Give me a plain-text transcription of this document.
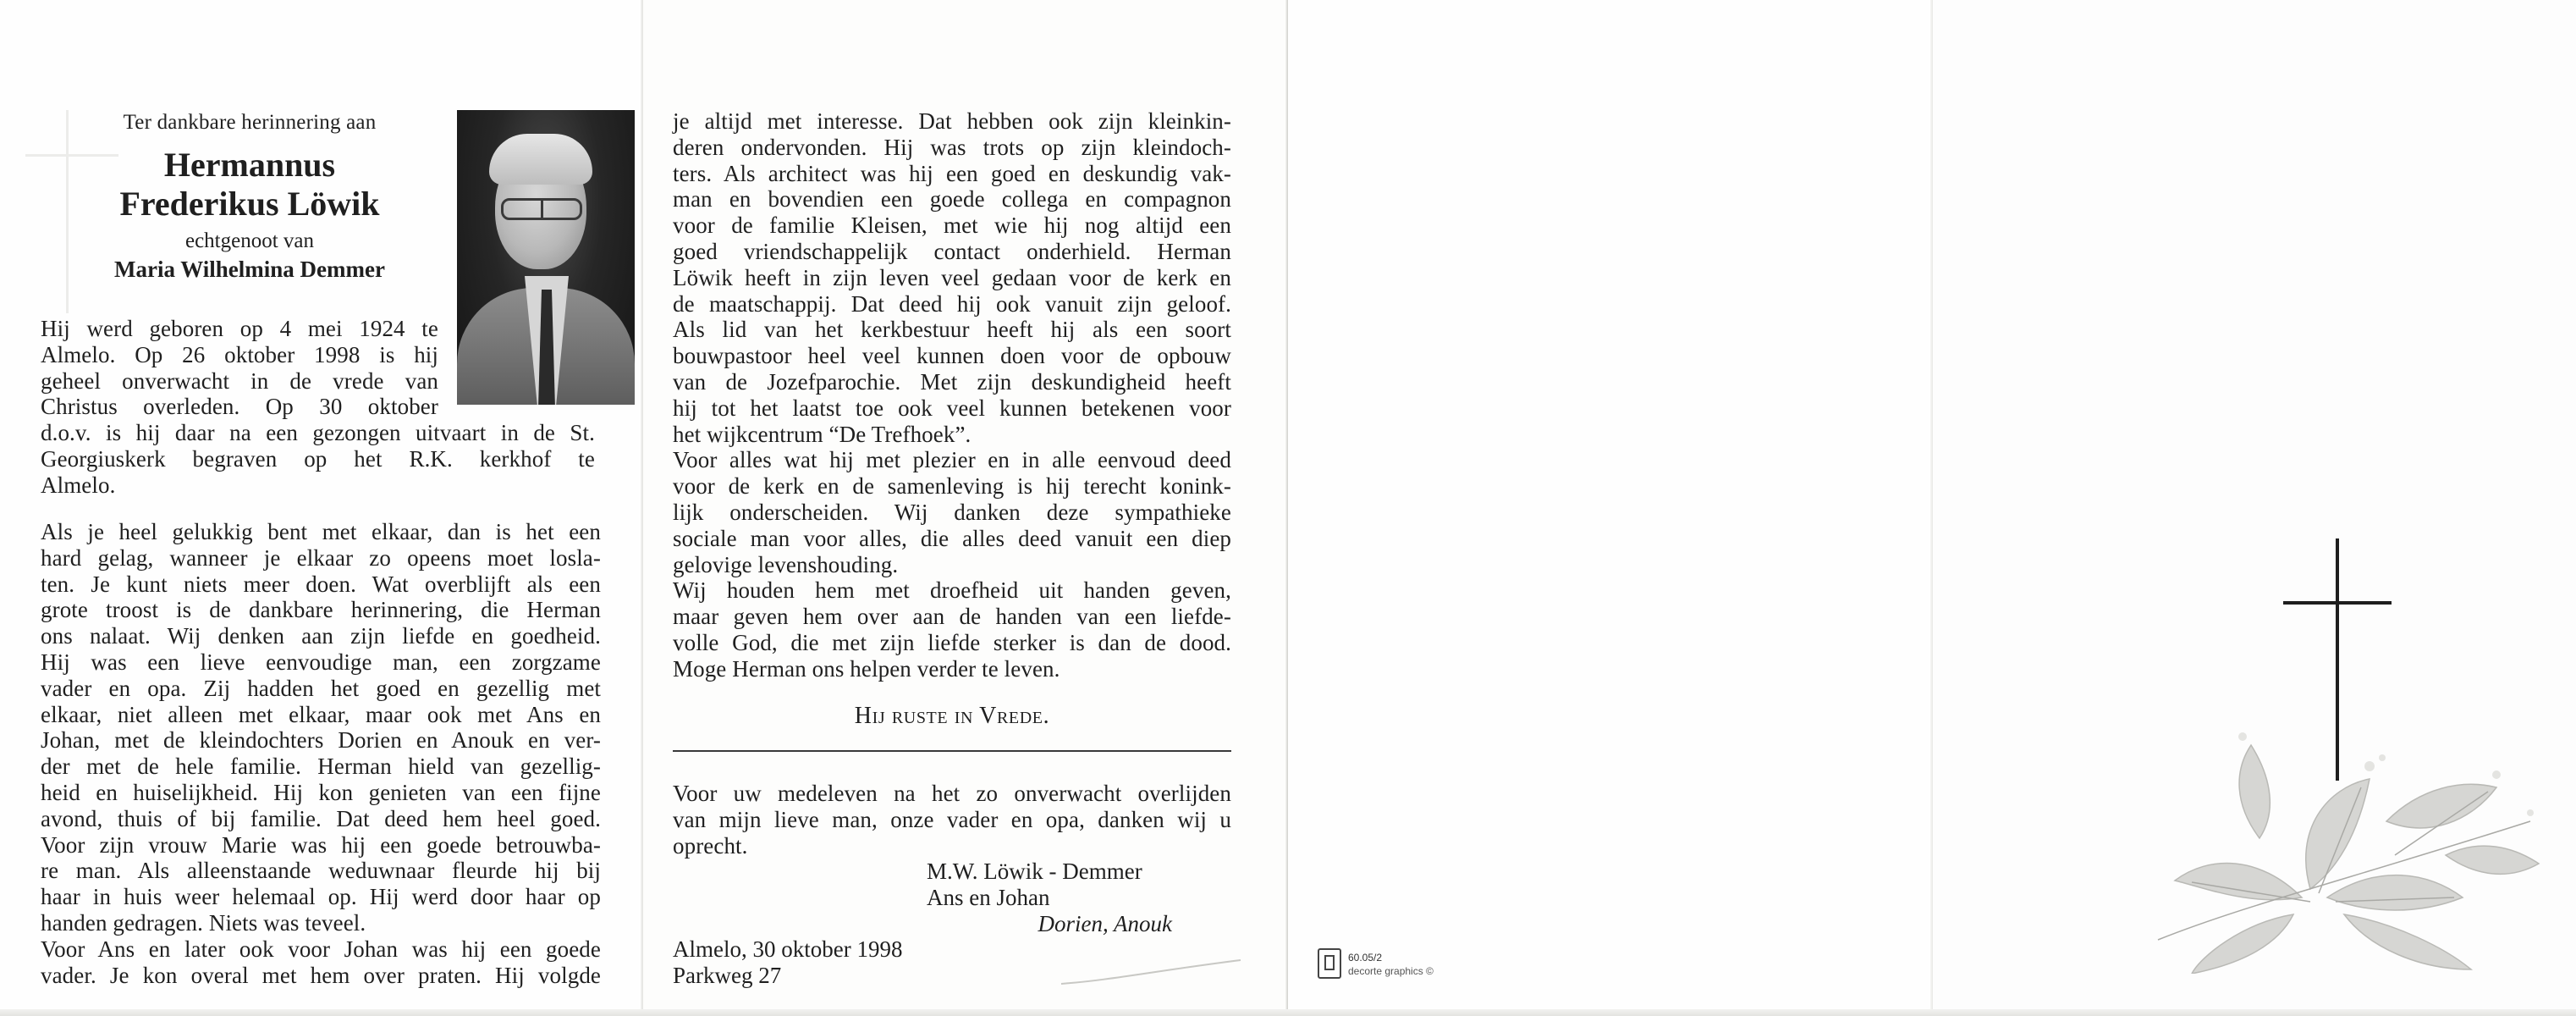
Ter dankbare herinnering aan
Hermannus
Frederikus Löwik
echtgenoot van
Maria Wilhelmina Demmer
Hij werd geboren op 4 mei 1924 te
Almelo. Op 26 oktober 1998 is hij
geheel onverwacht in de vrede van
Christus overleden. Op 30 oktober
d.o.v. is hij daar na een gezongen uitvaart in de St.
Georgiuskerk begraven op het R.K. kerkhof te
Almelo.
Als je heel gelukkig bent met elkaar, dan is het een
hard gelag, wanneer je elkaar zo opeens moet losla-
ten. Je kunt niets meer doen. Wat overblijft als een
grote troost is de dankbare herinnering, die Herman
ons nalaat. Wij denken aan zijn liefde en goedheid.
Hij was een lieve eenvoudige man, een zorgzame
vader en opa. Zij hadden het goed en gezellig met
elkaar, niet alleen met elkaar, maar ook met Ans en
Johan, met de kleindochters Dorien en Anouk en ver-
der met de hele familie. Herman hield van gezellig-
heid en huiselijkheid. Hij kon genieten van een fijne
avond, thuis of bij familie. Dat deed hem heel goed.
Voor zijn vrouw Marie was hij een goede betrouwba-
re man. Als alleenstaande weduwnaar fleurde hij bij
haar in huis weer helemaal op. Hij werd door haar op
handen gedragen. Niets was teveel.
Voor Ans en later ook voor Johan was hij een goede
vader. Je kon overal met hem over praten. Hij volgde
je altijd met interesse. Dat hebben ook zijn kleinkin-
deren ondervonden. Hij was trots op zijn kleindoch-
ters. Als architect was hij een goed en deskundig vak-
man en bovendien een goede collega en compagnon
voor de familie Kleisen, met wie hij nog altijd een
goed vriendschappelijk contact onderhield. Herman
Löwik heeft in zijn leven veel gedaan voor de kerk en
de maatschappij. Dat deed hij ook vanuit zijn geloof.
Als lid van het kerkbestuur heeft hij als een soort
bouwpastoor heel veel kunnen doen voor de opbouw
van de Jozefparochie. Met zijn deskundigheid heeft
hij tot het laatst toe ook veel kunnen betekenen voor
het wijkcentrum “De Trefhoek”.
Voor alles wat hij met plezier en in alle eenvoud deed
voor de kerk en de samenleving is hij terecht konink-
lijk onderscheiden. Wij danken deze sympathieke
sociale man voor alles, die alles deed vanuit een diep
gelovige levenshouding.
Wij houden hem met droefheid uit handen geven,
maar geven hem over aan de handen van een liefde-
volle God, die met zijn liefde sterker is dan de dood.
Moge Herman ons helpen verder te leven.
Hij ruste in Vrede.
Voor uw medeleven na het zo onverwacht overlijden
van mijn lieve man, onze vader en opa, danken wij u
oprecht.
M.W. Löwik - Demmer
Ans en Johan
Dorien, Anouk
Almelo, 30 oktober 1998
Parkweg 27
60.05/2
decorte graphics ©
